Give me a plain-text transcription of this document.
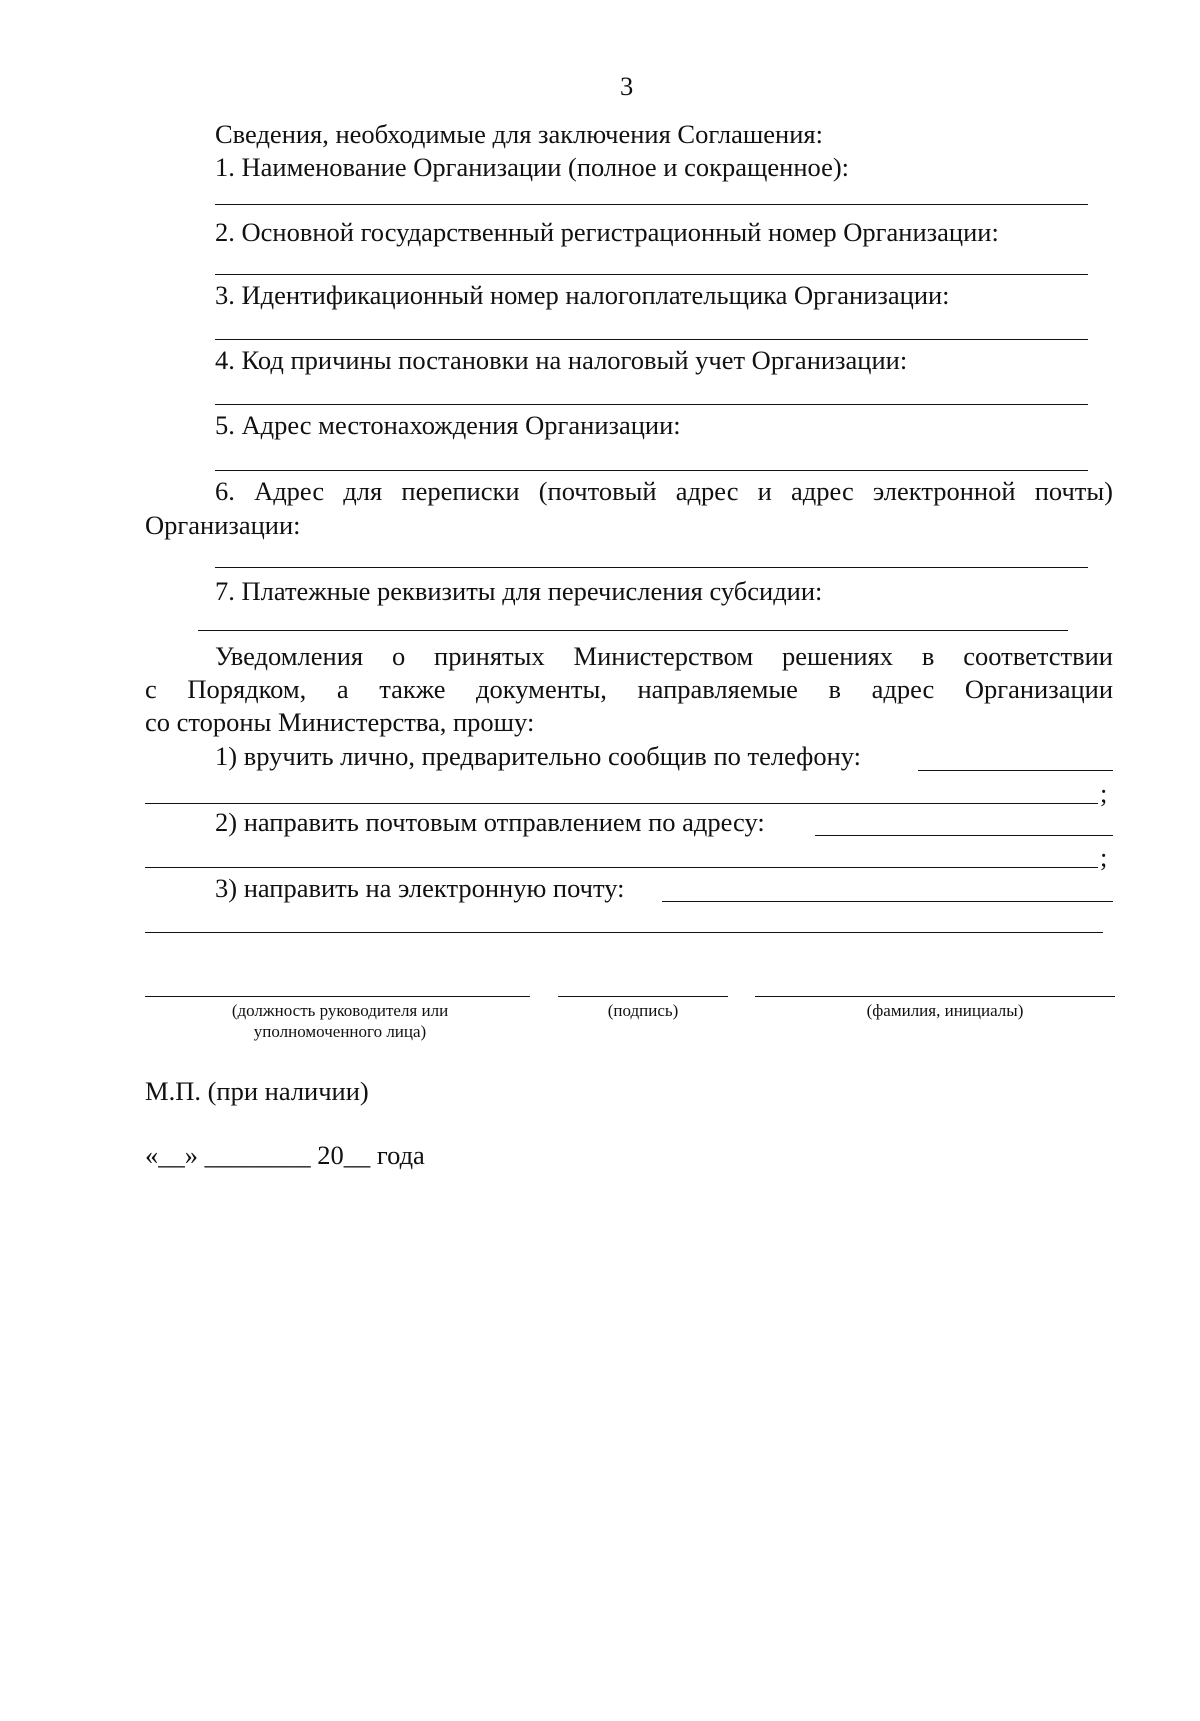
3
Сведения, необходимые для заключения Соглашения:
1. Наименование Организации (полное и сокращенное):
2. Основной государственный регистрационный номер Организации:
3. Идентификационный номер налогоплательщика Организации:
4. Код причины постановки на налоговый учет Организации:
5. Адрес местонахождения Организации:
6. Адрес для переписки (почтовый адрес и адрес электронной почты)
Организации:
7. Платежные реквизиты для перечисления субсидии:
Уведомления о принятых Министерством решениях в соответствии
с Порядком, а также документы, направляемые в адрес Организации
со стороны Министерства, прошу:
1) вручить лично, предварительно сообщив по телефону:
;
2) направить почтовым отправлением по адресу:
;
3) направить на электронную почту:
(должность руководителя или
уполномоченного лица)
(подпись)	(фамилия, инициалы)
М.П. (при наличии)
«__» ________ 20__ года
